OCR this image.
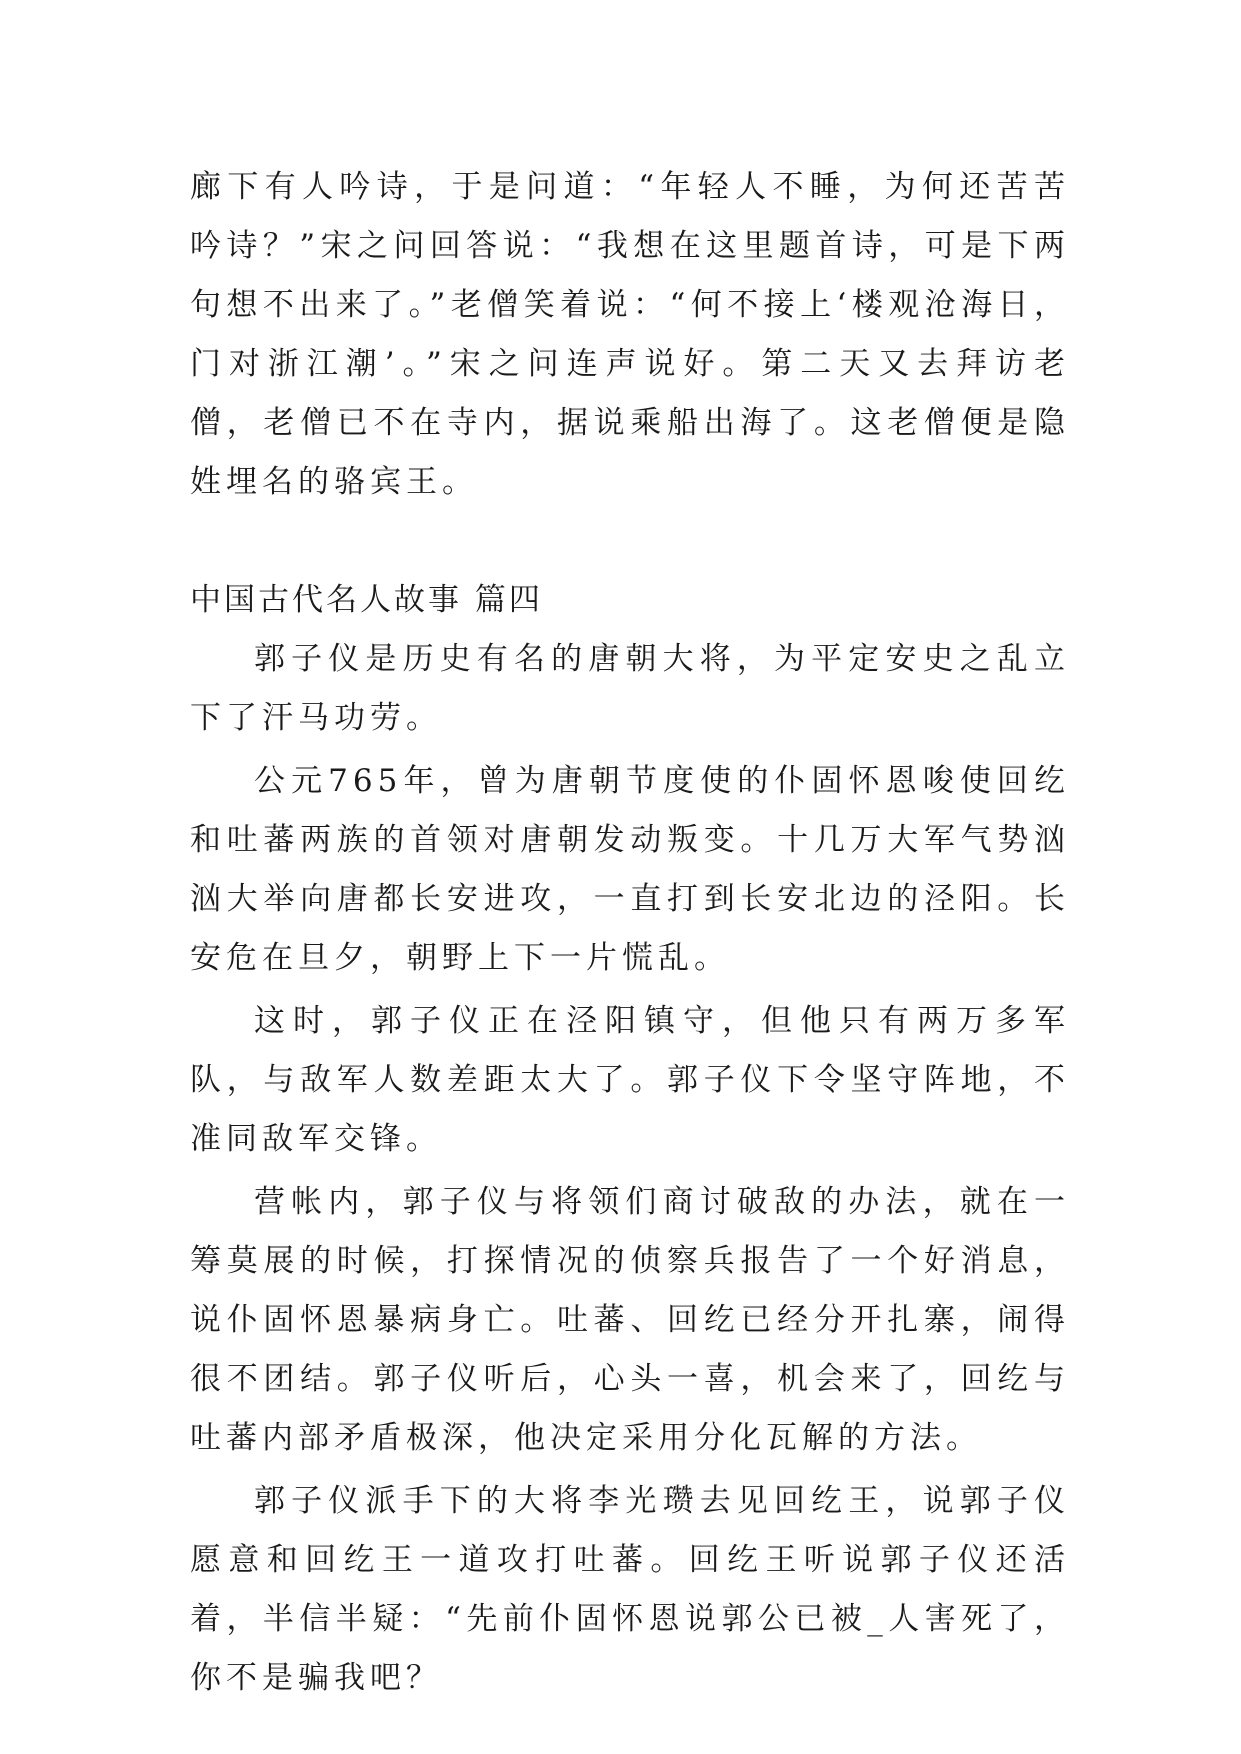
廊下有人吟诗，于是问道：“年轻人不睡，为何还苦苦吟诗？”宋之问回答说：“我想在这里题首诗，可是下两句想不出来了。”老僧笑着说：“何不接上‘楼观沧海日，门对浙江潮’。”宋之问连声说好。第二天又去拜访老僧，老僧已不在寺内，据说乘船出海了。这老僧便是隐姓埋名的骆宾王。

中国古代名人故事 篇四

郭子仪是历史有名的唐朝大将，为平定安史之乱立下了汗马功劳。

公元765年，曾为唐朝节度使的仆固怀恩唆使回纥和吐蕃两族的首领对唐朝发动叛变。十几万大军气势汹汹大举向唐都长安进攻，一直打到长安北边的泾阳。长安危在旦夕，朝野上下一片慌乱。

这时，郭子仪正在泾阳镇守，但他只有两万多军队，与敌军人数差距太大了。郭子仪下令坚守阵地，不准同敌军交锋。

营帐内，郭子仪与将领们商讨破敌的办法，就在一筹莫展的时候，打探情况的侦察兵报告了一个好消息，说仆固怀恩暴病身亡。吐蕃、回纥已经分开扎寨，闹得很不团结。郭子仪听后，心头一喜，机会来了，回纥与吐蕃内部矛盾极深，他决定采用分化瓦解的方法。

郭子仪派手下的大将李光瓒去见回纥王，说郭子仪愿意和回纥王一道攻打吐蕃。回纥王听说郭子仪还活着，半信半疑：“先前仆固怀恩说郭公已被_人害死了，你不是骗我吧？
